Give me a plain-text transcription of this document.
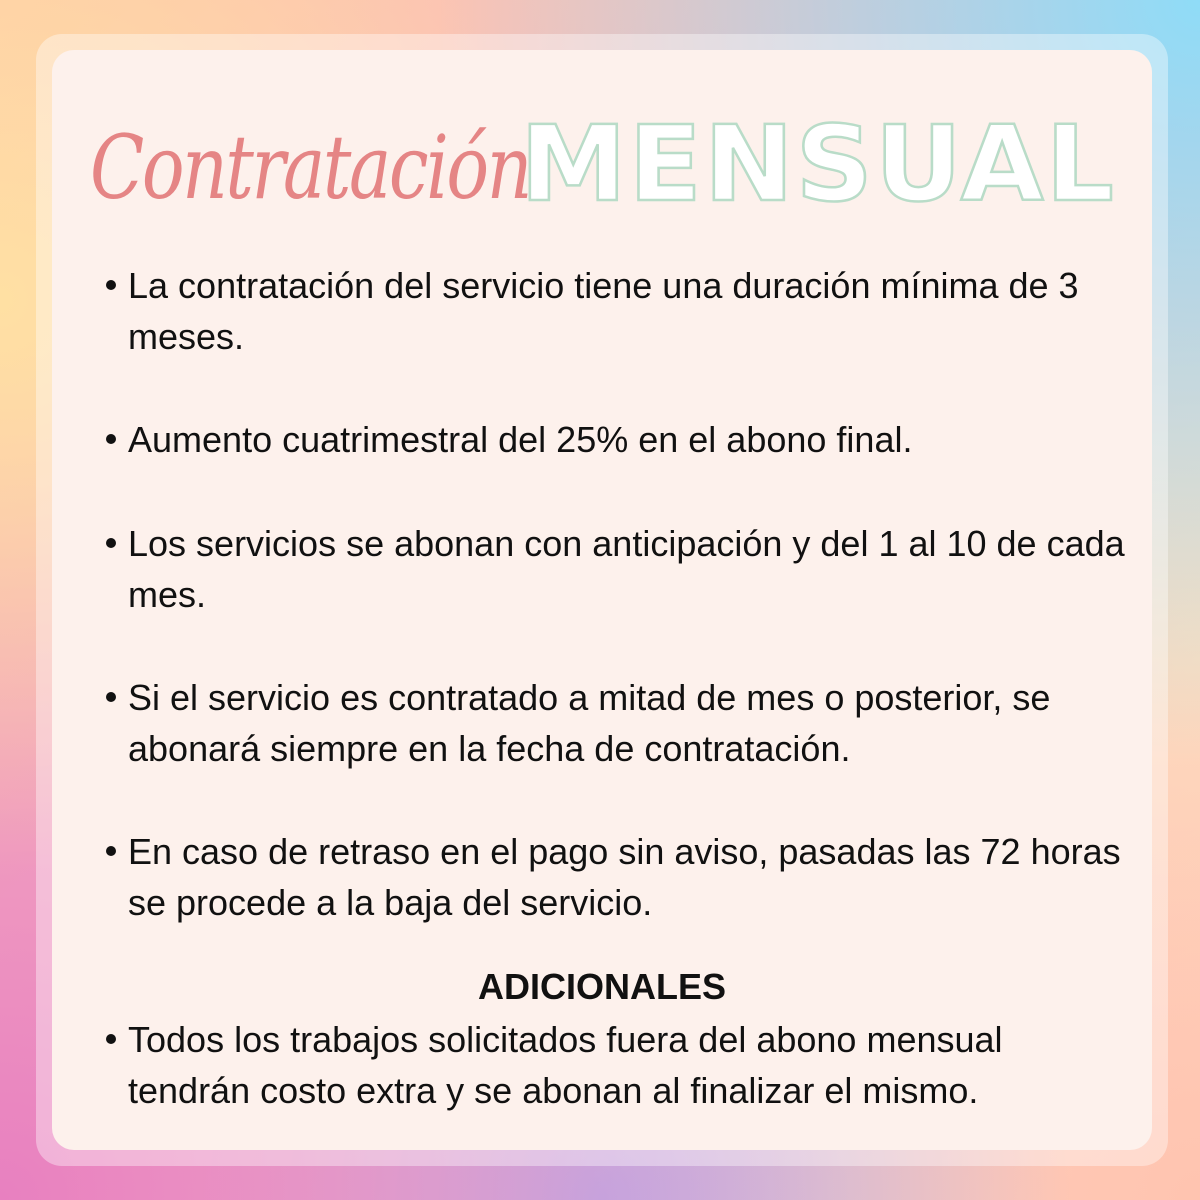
Contratación
MENSUAL
La contratación del servicio tiene una duración mínima de 3 meses.
Aumento cuatrimestral del 25% en el abono final.
Los servicios se abonan con anticipación y del 1 al 10 de cada mes.
Si el servicio es contratado a mitad de mes o posterior, se abonará siempre en la fecha de contratación.
En caso de retraso en el pago sin aviso, pasadas las 72 horas se procede a la baja del servicio.
ADICIONALES
Todos los trabajos solicitados fuera del abono mensual tendrán costo extra y se abonan al finalizar el mismo.
